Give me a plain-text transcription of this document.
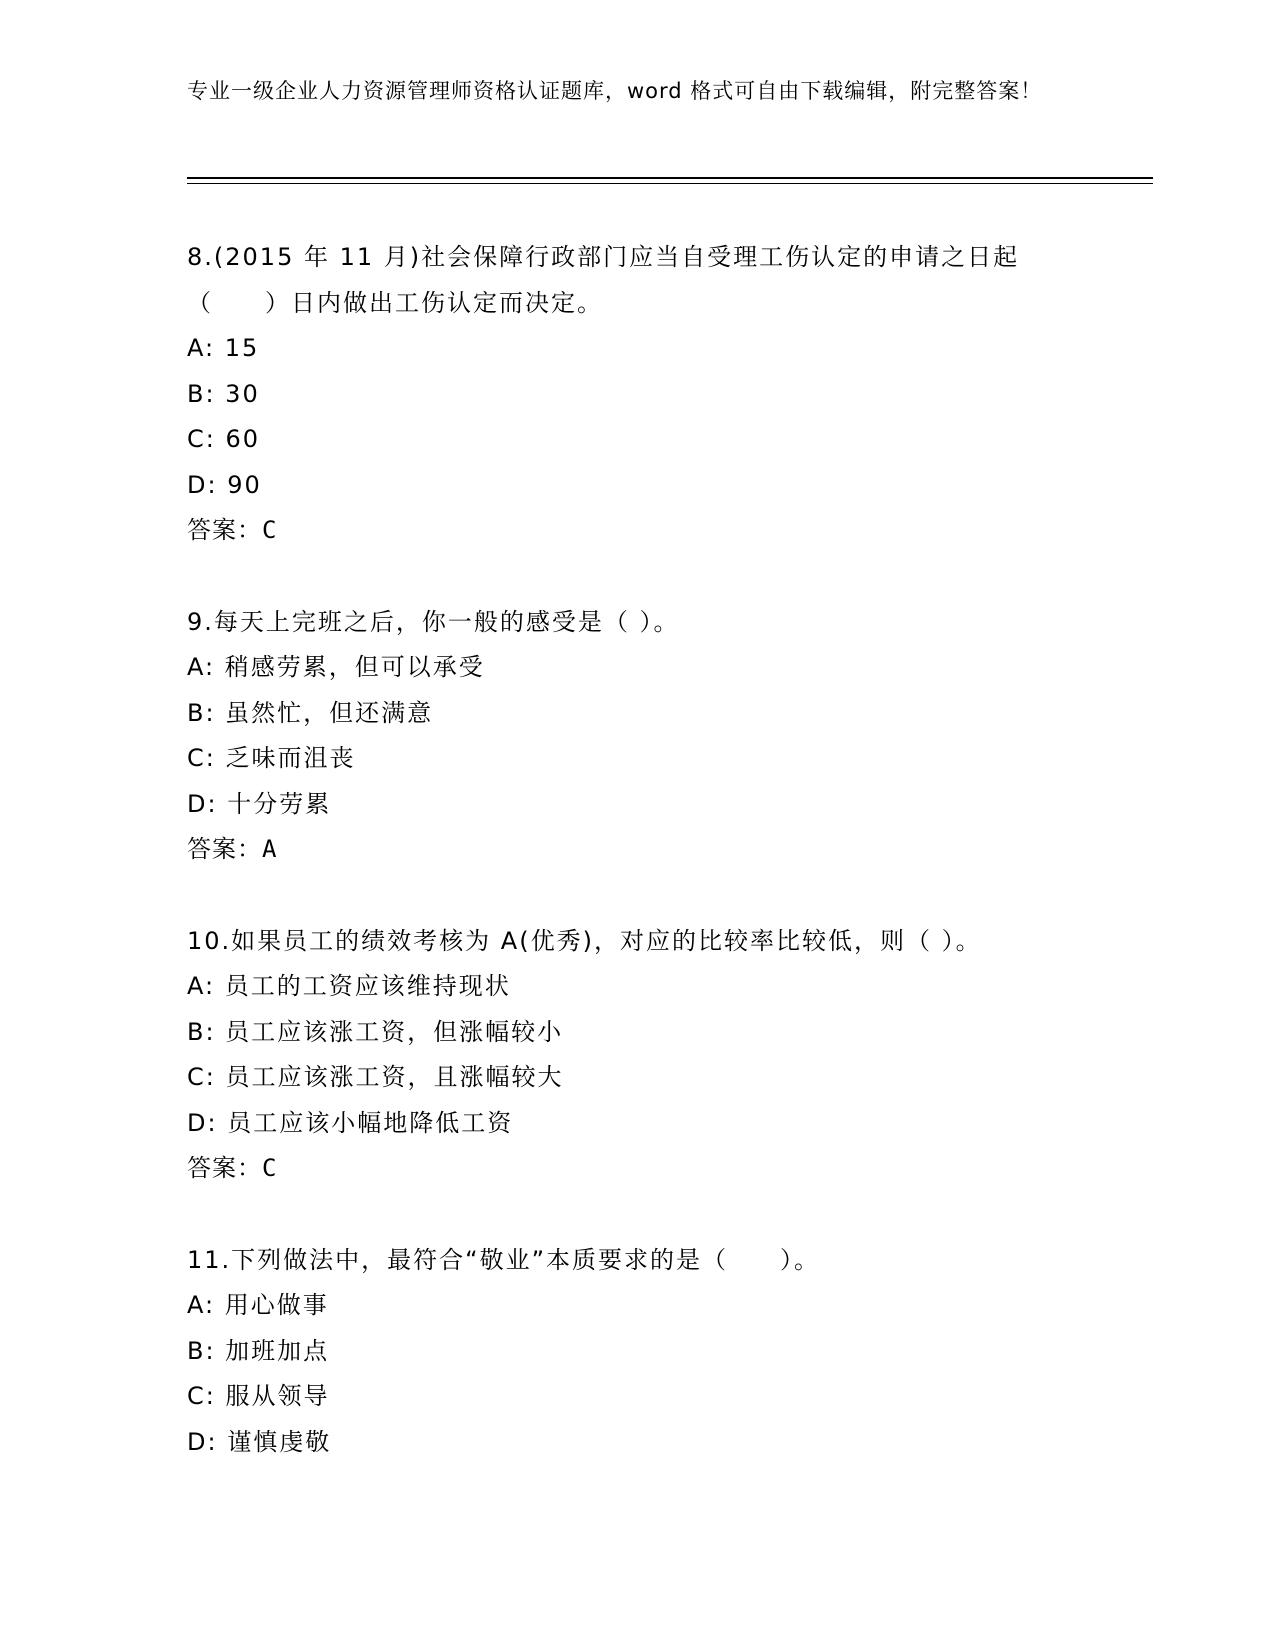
专业一级企业人力资源管理师资格认证题库，word 格式可自由下载编辑，附完整答案！
8.(2015 年 11 月)社会保障行政部门应当自受理工伤认定的申请之日起（　　）日内做出工伤认定而决定。
A: 15
B: 30
C: 60
D: 90
答案：C
9.每天上完班之后，你一般的感受是（ ）。
A: 稍感劳累，但可以承受
B: 虽然忙，但还满意
C: 乏味而沮丧
D: 十分劳累
答案：A
10.如果员工的绩效考核为 A(优秀)，对应的比较率比较低，则（ ）。
A: 员工的工资应该维持现状
B: 员工应该涨工资，但涨幅较小
C: 员工应该涨工资，且涨幅较大
D: 员工应该小幅地降低工资
答案：C
11.下列做法中，最符合“敬业”本质要求的是（　　）。
A: 用心做事
B: 加班加点
C: 服从领导
D: 谨慎虔敬
